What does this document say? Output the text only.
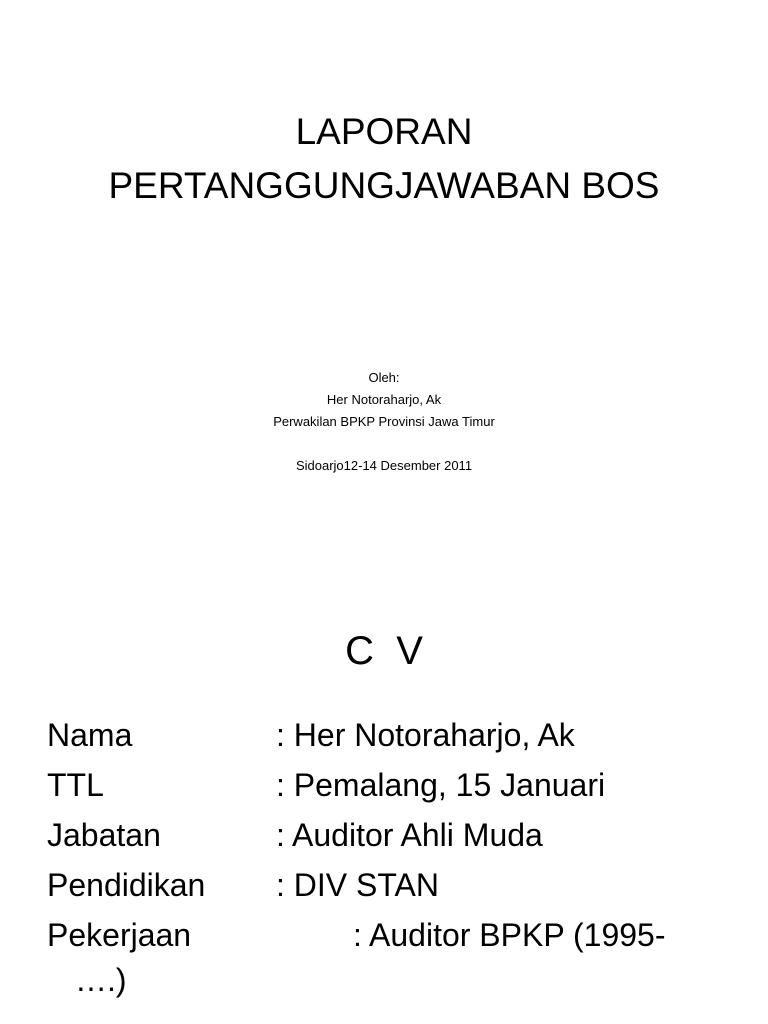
LAPORAN
PERTANGGUNGJAWABAN BOS
Oleh:
Her Notoraharjo, Ak
Perwakilan BPKP Provinsi Jawa Timur
Sidoarjo12-14 Desember 2011
C  V
Nama	: Her Notoraharjo, Ak
TTL	: Pemalang, 15 Januari
Jabatan	: Auditor Ahli Muda
Pendidikan : DIV STAN
Pekerjaan	: Auditor BPKP (1995-
….)
